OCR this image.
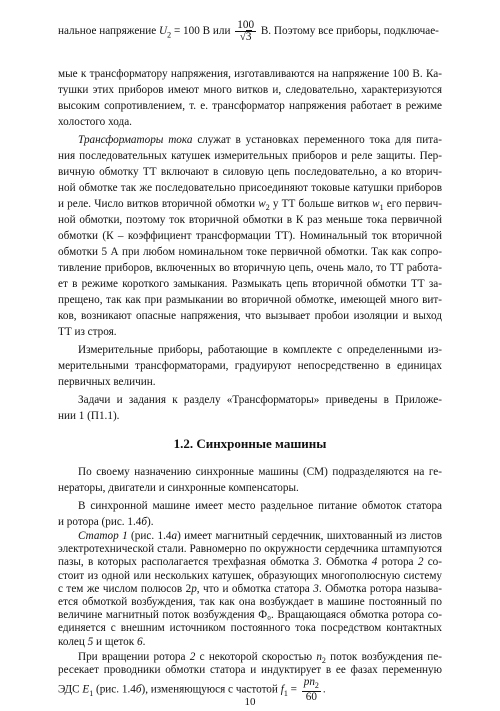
нальное напряжение $U_2 = 100$ В или $\frac{100}{√3} В$. Поэтому все приборы, подключае-
мые к трансформатору напряжения, изготавливаются на напряжение 100 В. Ка-
тушки этих приборов имеют много витков и, следовательно, характеризуются
высоким сопротивлением, т. е. трансформатор напряжения работает в режиме
холостого хода.
Трансформаторы тока служат в установках переменного тока для пита-
ния последовательных катушек измерительных приборов и реле защиты. Пер-
вичную обмотку ТТ включают в силовую цепь последовательно, а ко вторич-
ной обмотке так же последовательно присоединяют токовые катушки приборов
и реле. Число витков вторичной обмотки $w_2$ у ТТ больше витков $w_1$ его первич-
ной обмотки, поэтому ток вторичной обмотки в К раз меньше тока первичной
обмотки (К – коэффициент трансформации ТТ). Номинальный ток вторичной
обмотки 5 А при любом номинальном токе первичной обмотки. Так как сопро-
тивление приборов, включенных во вторичную цепь, очень мало, то ТТ работа-
ет в режиме короткого замыкания. Размыкать цепь вторичной обмотки ТТ за-
прещено, так как при размыкании во вторичной обмотке, имеющей много вит-
ков, возникают опасные напряжения, что вызывает пробои изоляции и выход
ТТ из строя.
Измерительные приборы, работающие в комплекте с определенными из-
мерительными трансформаторами, градуируют непосредственно в единицах
первичных величин.
Задачи и задания к разделу «Трансформаторы» приведены в Приложе-
нии 1 (П1.1).
1.2. Синхронные машины
По своему назначению синхронные машины (СМ) подразделяются на ге-
нераторы, двигатели и синхронные компенсаторы.
В синхронной машине имеет место раздельное питание обмоток статора
и ротора (рис. 1.4б).
Статор 1 (рис. 1.4а) имеет магнитный сердечник, шихтованный из листов
электротехнической стали. Равномерно по окружности сердечника штампуются
пазы, в которых располагается трехфазная обмотка 3. Обмотка 4 ротора 2 со-
стоит из одной или нескольких катушек, образующих многополюсную систему
с тем же числом полюсов 2p, что и обмотка статора 3. Обмотка ротора называ-
ется обмоткой возбуждения, так как она возбуждает в машине постоянный по
величине магнитный поток возбуждения Ф₀. Вращающаяся обмотка ротора со-
единяется с внешним источником постоянного тока посредством контактных
колец 5 и щеток 6.
10
При вращении ротора 2 с некоторой скоростью $n_2$ поток возбуждения пе-
ресекает проводники обмотки статора и индуктирует в ее фазах переменную
ЭДС $E_1$ (рис. 1.4б), изменяющуюся с частотой $f_1 = \frac{pn_2}{60}$ .
